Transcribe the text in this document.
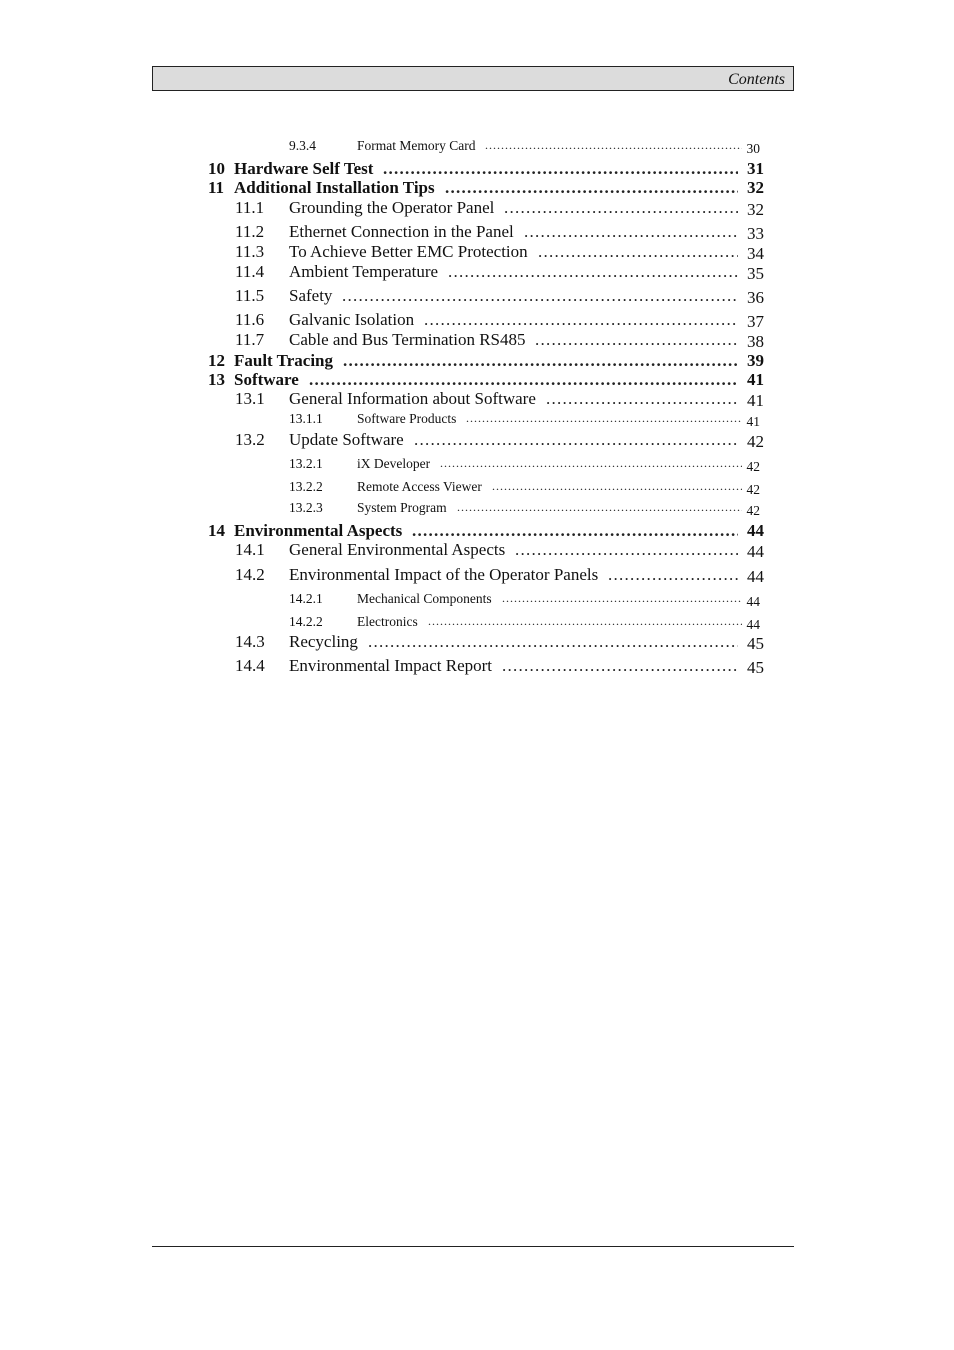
Contents
9.3.4	Format Memory Card . . .	30
10 Hardware Self Test . . .	31
11 Additional Installation Tips . . .	32
11.1 Grounding the Operator Panel . . .	32
11.2 Ethernet Connection in the Panel . . .	33
11.3 To Achieve Better EMC Protection . . .	34
11.4 Ambient Temperature . . .	35
11.5 Safety . . .	36
11.6 Galvanic Isolation . . .	37
11.7 Cable and Bus Termination RS485 . . .	38
12 Fault Tracing . . .	39
13 Software . . .	41
13.1 General Information about Software . . .	41
13.1.1	Software Products . . .	41
13.2 Update Software . . .	42
13.2.1	iX Developer . . .	42
13.2.2	Remote Access Viewer . . .	42
13.2.3	System Program . . .	42
14 Environmental Aspects . . .	44
14.1 General Environmental Aspects . . .	44
14.2 Environmental Impact of the Operator Panels . . .	44
14.2.1	Mechanical Components . . .	44
14.2.2	Electronics . . .	44
14.3 Recycling . . .	45
14.4 Environmental Impact Report . . .	45
